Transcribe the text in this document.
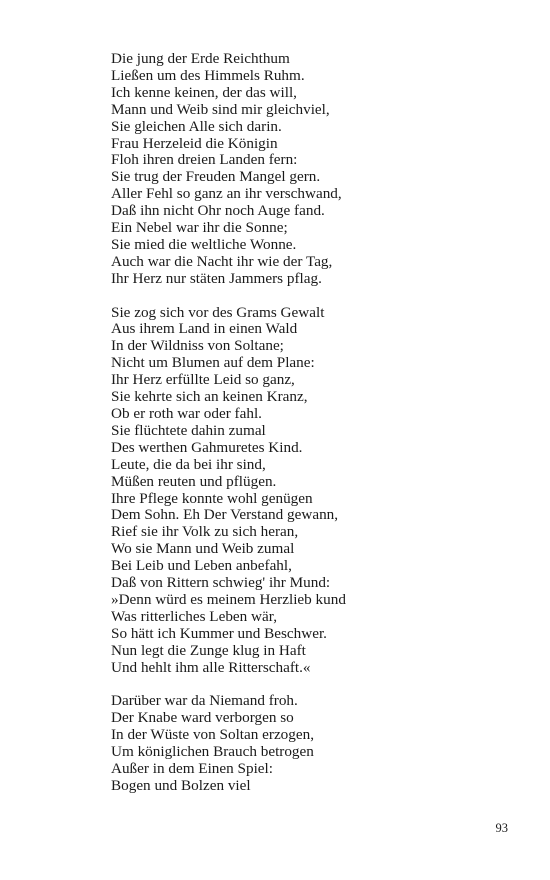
Die jung der Erde Reichthum
Ließen um des Himmels Ruhm.
Ich kenne keinen, der das will,
Mann und Weib sind mir gleichviel,
Sie gleichen Alle sich darin.
Frau Herzeleid die Königin
Floh ihren dreien Landen fern:
Sie trug der Freuden Mangel gern.
Aller Fehl so ganz an ihr verschwand,
Daß ihn nicht Ohr noch Auge fand.
Ein Nebel war ihr die Sonne;
Sie mied die weltliche Wonne.
Auch war die Nacht ihr wie der Tag,
Ihr Herz nur stäten Jammers pflag.

Sie zog sich vor des Grams Gewalt
Aus ihrem Land in einen Wald
In der Wildniss von Soltane;
Nicht um Blumen auf dem Plane:
Ihr Herz erfüllte Leid so ganz,
Sie kehrte sich an keinen Kranz,
Ob er roth war oder fahl.
Sie flüchtete dahin zumal
Des werthen Gahmuretes Kind.
Leute, die da bei ihr sind,
Müßen reuten und pflügen.
Ihre Pflege konnte wohl genügen
Dem Sohn. Eh Der Verstand gewann,
Rief sie ihr Volk zu sich heran,
Wo sie Mann und Weib zumal
Bei Leib und Leben anbefahl,
Daß von Rittern schwieg' ihr Mund:
»Denn würd es meinem Herzlieb kund
Was ritterliches Leben wär,
So hätt ich Kummer und Beschwer.
Nun legt die Zunge klug in Haft
Und hehlt ihm alle Ritterschaft.«

Darüber war da Niemand froh.
Der Knabe ward verborgen so
In der Wüste von Soltan erzogen,
Um königlichen Brauch betrogen
Außer in dem Einen Spiel:
Bogen und Bolzen viel

93
